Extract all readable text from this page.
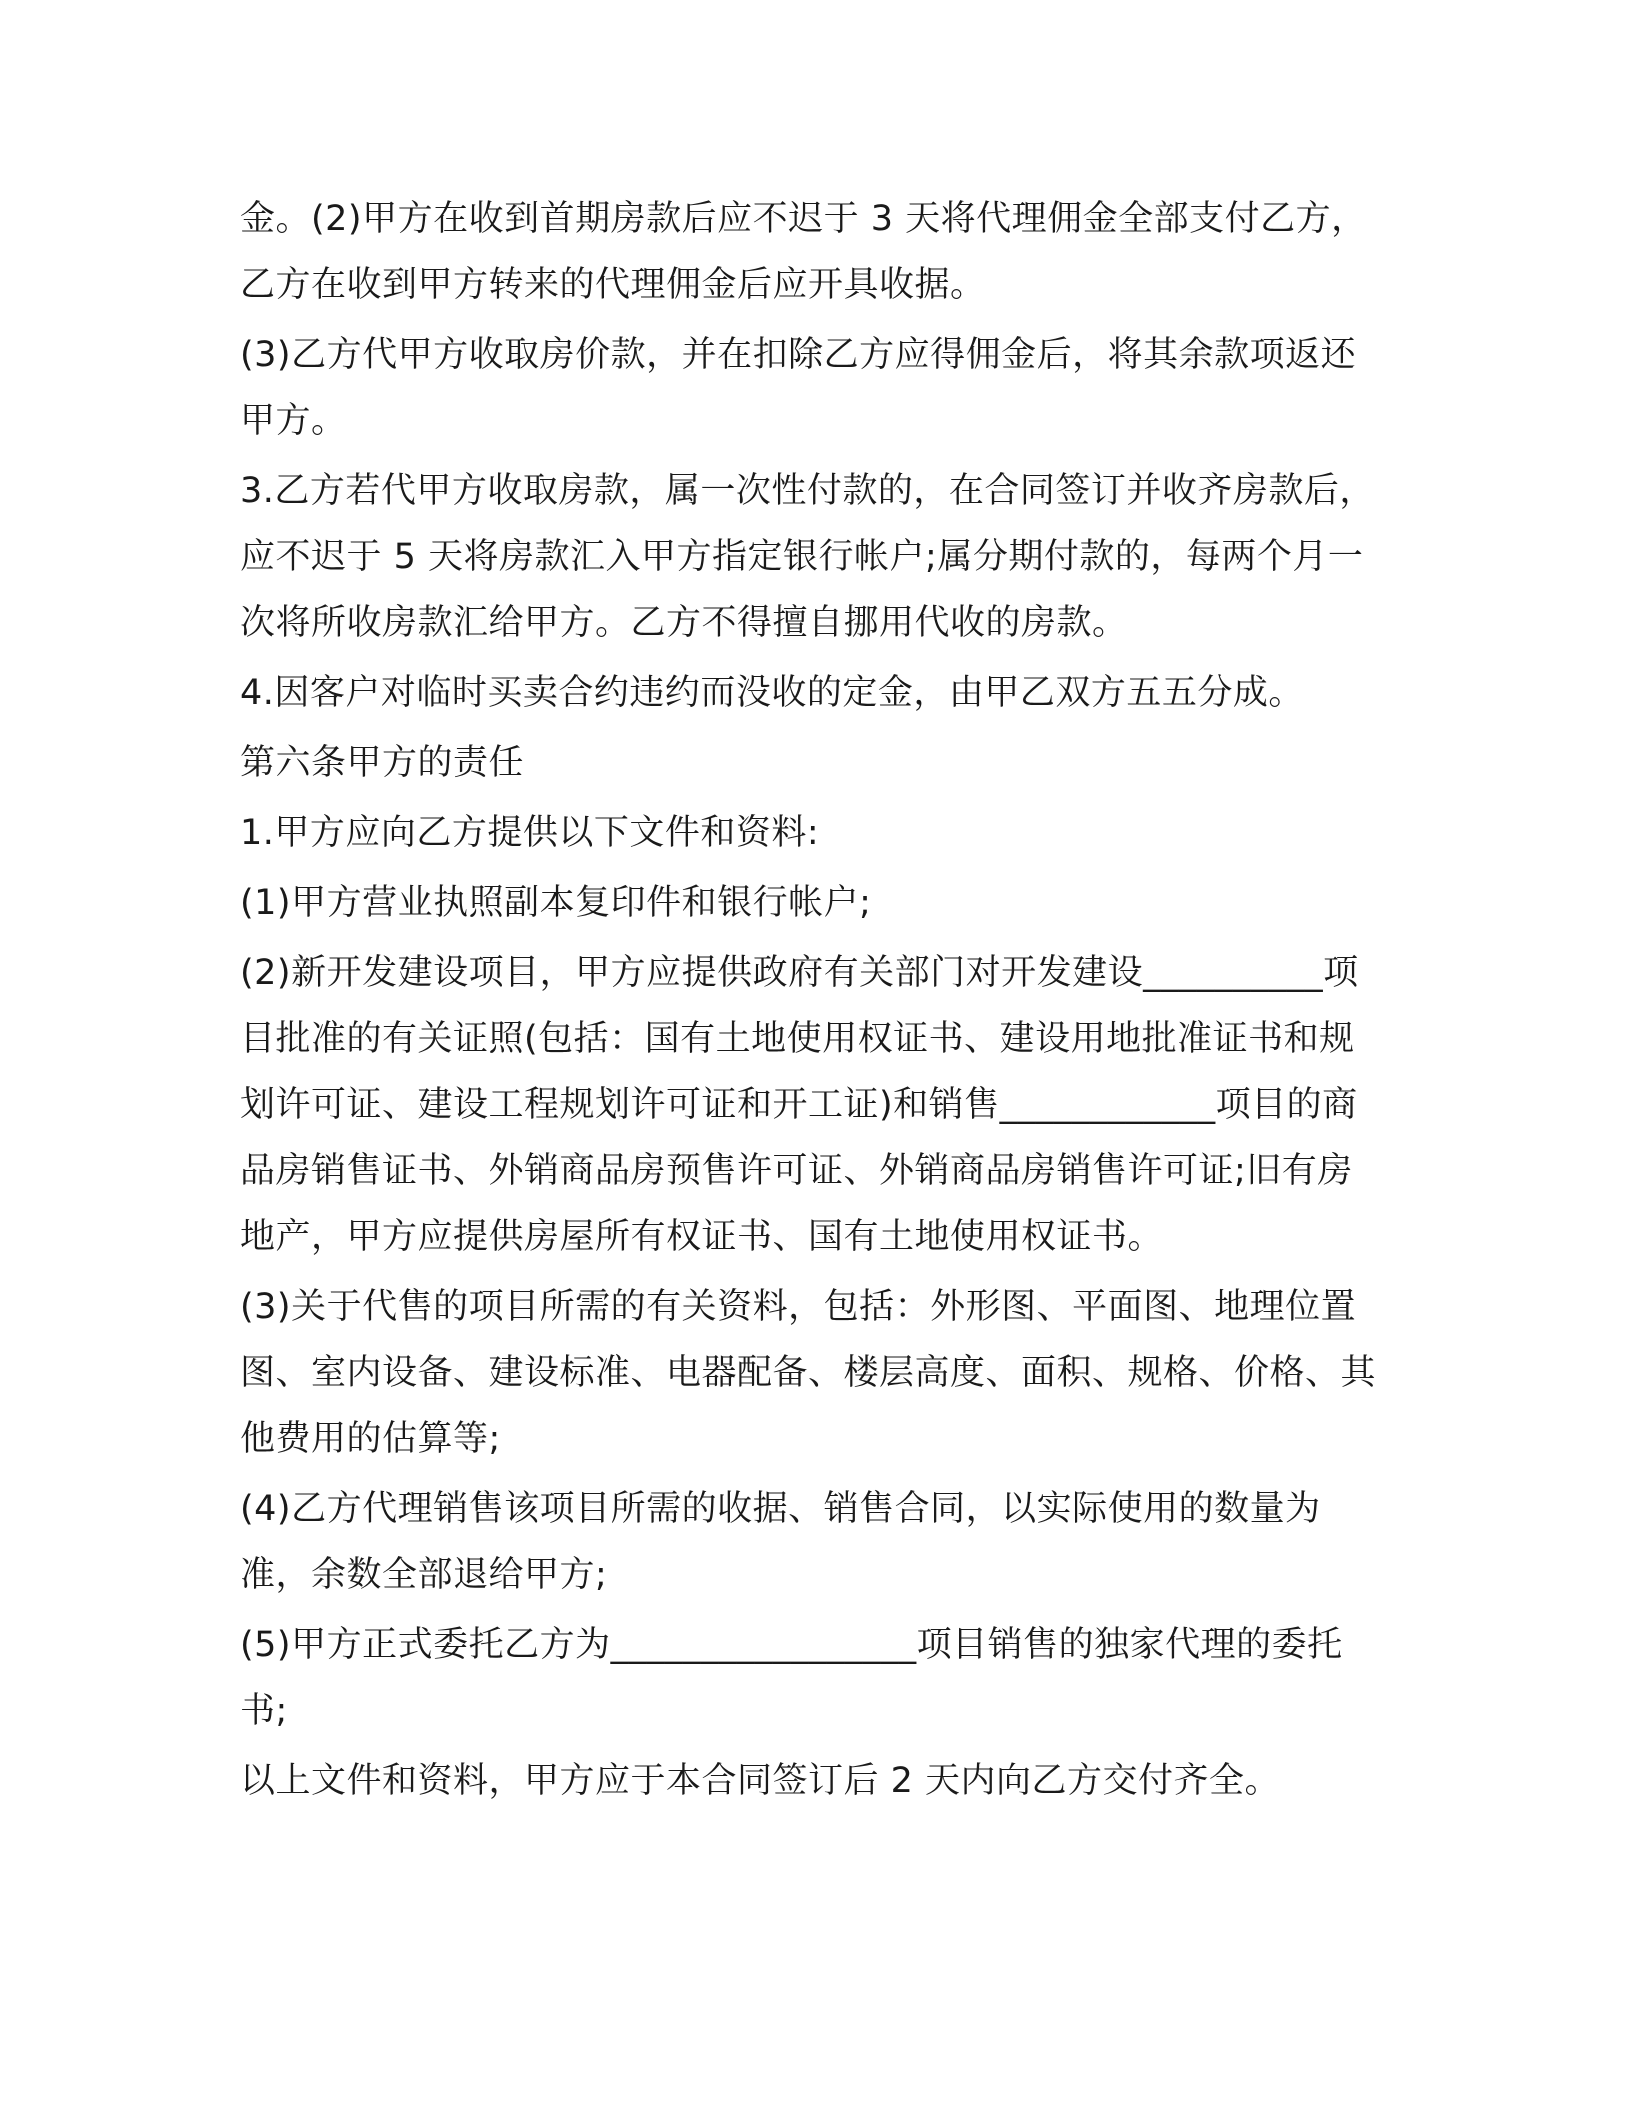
金。(2)甲方在收到首期房款后应不迟于 3 天将代理佣金全部支付乙方，乙方在收到甲方转来的代理佣金后应开具收据。

(3)乙方代甲方收取房价款，并在扣除乙方应得佣金后，将其余款项返还甲方。

3.乙方若代甲方收取房款，属一次性付款的，在合同签订并收齐房款后，应不迟于 5 天将房款汇入甲方指定银行帐户;属分期付款的，每两个月一次将所收房款汇给甲方。乙方不得擅自挪用代收的房款。

4.因客户对临时买卖合约违约而没收的定金，由甲乙双方五五分成。

第六条甲方的责任

1.甲方应向乙方提供以下文件和资料:

(1)甲方营业执照副本复印件和银行帐户;

(2)新开发建设项目，甲方应提供政府有关部门对开发建设__________项目批准的有关证照(包括：国有土地使用权证书、建设用地批准证书和规划许可证、建设工程规划许可证和开工证)和销售____________项目的商品房销售证书、外销商品房预售许可证、外销商品房销售许可证;旧有房地产，甲方应提供房屋所有权证书、国有土地使用权证书。

(3)关于代售的项目所需的有关资料，包括：外形图、平面图、地理位置图、室内设备、建设标准、电器配备、楼层高度、面积、规格、价格、其他费用的估算等;

(4)乙方代理销售该项目所需的收据、销售合同，以实际使用的数量为准，余数全部退给甲方;

(5)甲方正式委托乙方为_________________项目销售的独家代理的委托书;

以上文件和资料，甲方应于本合同签订后 2 天内向乙方交付齐全。
